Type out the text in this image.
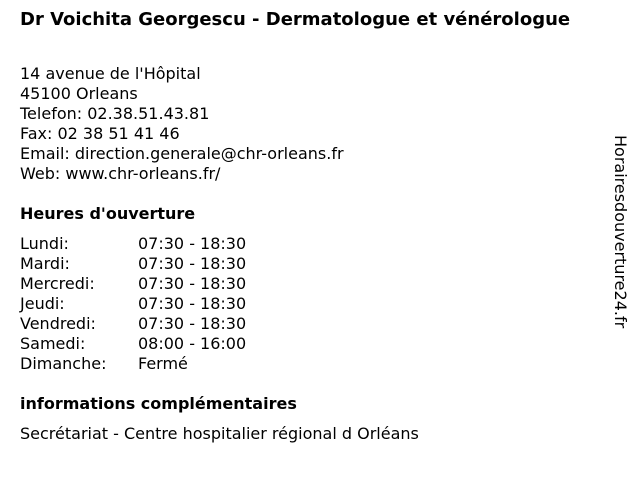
Dr Voichita Georgescu - Dermatologue et vénérologue
14 avenue de l'Hôpital
45100 Orleans
Telefon: 02.38.51.43.81
Fax: 02 38 51 41 46
Email: direction.generale@chr-orleans.fr
Web: www.chr-orleans.fr/
Heures d'ouverture
Lundi:	07:30 - 18:30
Mardi:	07:30 - 18:30
Mercredi:	07:30 - 18:30
Jeudi:	07:30 - 18:30
Vendredi:	07:30 - 18:30
Samedi:	08:00 - 16:00
Dimanche: Fermé
informations complémentaires
Secrétariat - Centre hospitalier régional d Orléans
Horairesdouverture24.fr
